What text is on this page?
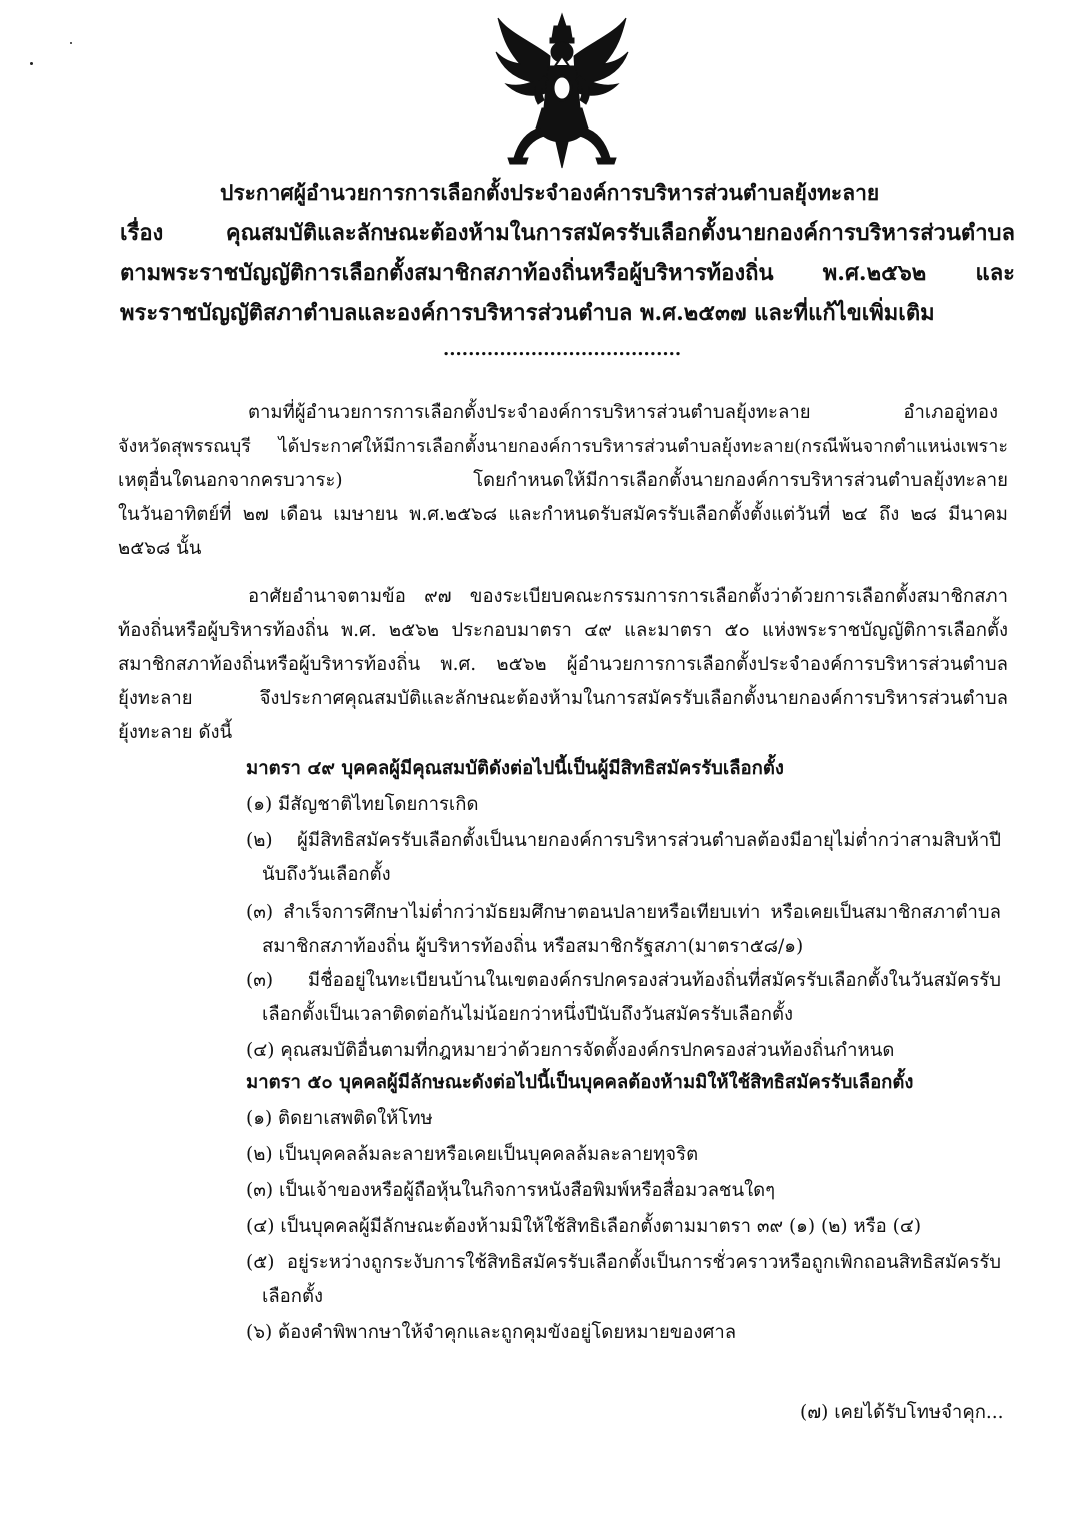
ประกาศผู้อำนวยการการเลือกตั้งประจำองค์การบริหารส่วนตำบลยุ้งทะลาย
เรื่อง คุณสมบัติและลักษณะต้องห้ามในการสมัครรับเลือกตั้งนายกองค์การบริหารส่วนตำบล
ตามพระราชบัญญัติการเลือกตั้งสมาชิกสภาท้องถิ่นหรือผู้บริหารท้องถิ่น พ.ศ.๒๕๖๒ และ
พระราชบัญญัติสภาตำบลและองค์การบริหารส่วนตำบล พ.ศ.๒๕๓๗ และที่แก้ไขเพิ่มเติม
......................................
ตามที่ผู้อำนวยการการเลือกตั้งประจำองค์การบริหารส่วนตำบลยุ้งทะลาย อำเภออู่ทอง
จังหวัดสุพรรณบุรี ได้ประกาศให้มีการเลือกตั้งนายกองค์การบริหารส่วนตำบลยุ้งทะลาย(กรณีพ้นจากตำแหน่งเพราะ
เหตุอื่นใดนอกจากครบวาระ) โดยกำหนดให้มีการเลือกตั้งนายกองค์การบริหารส่วนตำบลยุ้งทะลาย
ในวันอาทิตย์ที่ ๒๗ เดือน เมษายน พ.ศ.๒๕๖๘ และกำหนดรับสมัครรับเลือกตั้งตั้งแต่วันที่ ๒๔ ถึง ๒๘ มีนาคม
๒๕๖๘ นั้น
อาศัยอำนาจตามข้อ ๙๗ ของระเบียบคณะกรรมการการเลือกตั้งว่าด้วยการเลือกตั้งสมาชิกสภา
ท้องถิ่นหรือผู้บริหารท้องถิ่น พ.ศ. ๒๕๖๒ ประกอบมาตรา ๔๙ และมาตรา ๕๐ แห่งพระราชบัญญัติการเลือกตั้ง
สมาชิกสภาท้องถิ่นหรือผู้บริหารท้องถิ่น พ.ศ. ๒๕๖๒ ผู้อำนวยการการเลือกตั้งประจำองค์การบริหารส่วนตำบล
ยุ้งทะลาย จึงประกาศคุณสมบัติและลักษณะต้องห้ามในการสมัครรับเลือกตั้งนายกองค์การบริหารส่วนตำบล
ยุ้งทะลาย ดังนี้
มาตรา ๔๙ บุคคลผู้มีคุณสมบัติดังต่อไปนี้เป็นผู้มีสิทธิสมัครรับเลือกตั้ง
(๑) มีสัญชาติไทยโดยการเกิด
(๒) ผู้มีสิทธิสมัครรับเลือกตั้งเป็นนายกองค์การบริหารส่วนตำบลต้องมีอายุไม่ต่ำกว่าสามสิบห้าปี
นับถึงวันเลือกตั้ง
(๓) สำเร็จการศึกษาไม่ต่ำกว่ามัธยมศึกษาตอนปลายหรือเทียบเท่า หรือเคยเป็นสมาชิกสภาตำบล
สมาชิกสภาท้องถิ่น ผู้บริหารท้องถิ่น หรือสมาชิกรัฐสภา(มาตรา๕๘/๑)
(๓) มีชื่ออยู่ในทะเบียนบ้านในเขตองค์กรปกครองส่วนท้องถิ่นที่สมัครรับเลือกตั้งในวันสมัครรับ
เลือกตั้งเป็นเวลาติดต่อกันไม่น้อยกว่าหนึ่งปีนับถึงวันสมัครรับเลือกตั้ง
(๔) คุณสมบัติอื่นตามที่กฎหมายว่าด้วยการจัดตั้งองค์กรปกครองส่วนท้องถิ่นกำหนด
มาตรา ๕๐ บุคคลผู้มีลักษณะดังต่อไปนี้เป็นบุคคลต้องห้ามมิให้ใช้สิทธิสมัครรับเลือกตั้ง
(๑) ติดยาเสพติดให้โทษ
(๒) เป็นบุคคลล้มละลายหรือเคยเป็นบุคคลล้มละลายทุจริต
(๓) เป็นเจ้าของหรือผู้ถือหุ้นในกิจการหนังสือพิมพ์หรือสื่อมวลชนใดๆ
(๔) เป็นบุคคลผู้มีลักษณะต้องห้ามมิให้ใช้สิทธิเลือกตั้งตามมาตรา ๓๙ (๑) (๒) หรือ (๔)
(๕) อยู่ระหว่างถูกระงับการใช้สิทธิสมัครรับเลือกตั้งเป็นการชั่วคราวหรือถูกเพิกถอนสิทธิสมัครรับ
เลือกตั้ง
(๖) ต้องคำพิพากษาให้จำคุกและถูกคุมขังอยู่โดยหมายของศาล
(๗) เคยได้รับโทษจำคุก...
